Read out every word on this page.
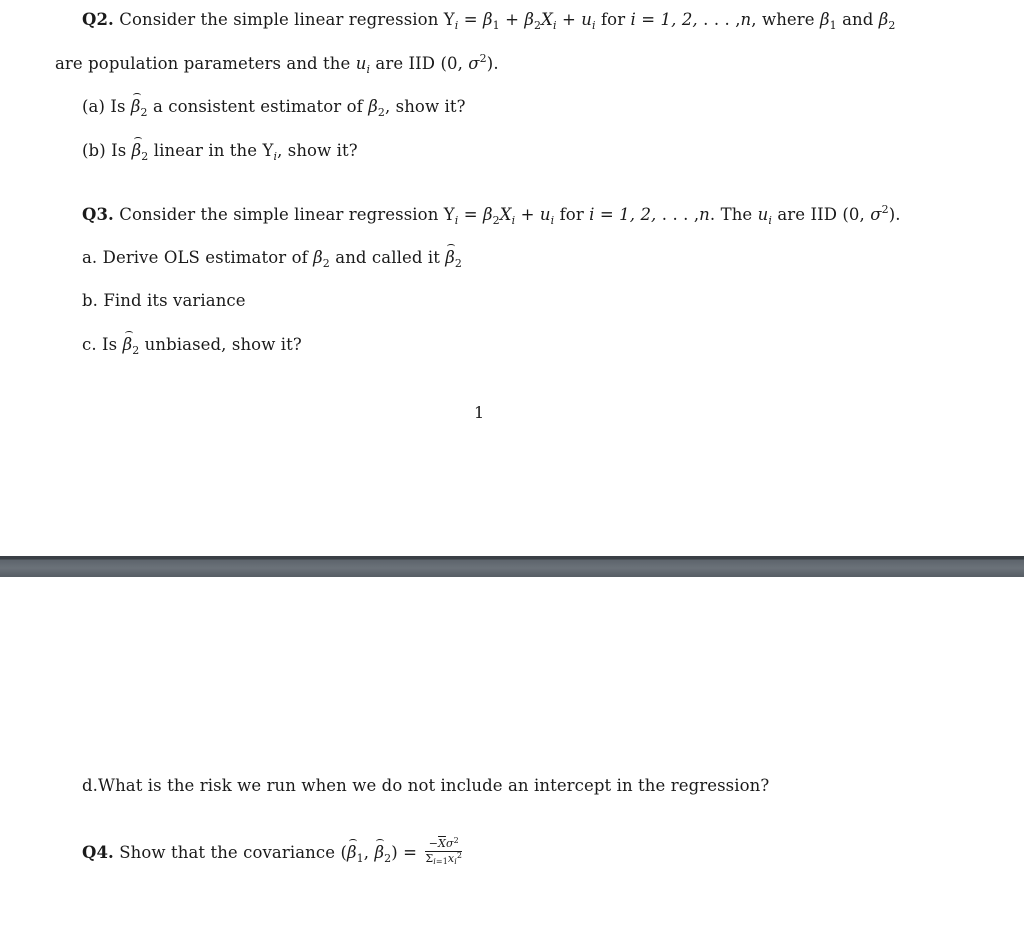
Q2. Consider the simple linear regression $Y_i = \beta_1 + \beta_2X_i + u_i$ for i = 1, 2, . . . ,n, where $\beta_1$ and $\beta_2$
are population parameters and the $u_i$ are IID (0, $\sigma^2$).
(a) Is $\beta_2$ a consistent estimator of $\beta_2$, show it?
(b) Is $\beta_2$ linear in the $Y_i$, show it?
Q3. Consider the simple linear regression $Y_i = \beta_2X_i + u_i$ for i = 1, 2, . . . ,n. The $u_i$ are IID (0, $\sigma^2$).
a. Derive OLS estimator of $\beta_2$ and called it $\beta_2$
b. Find its variance
c. Is $\beta_2$ unbiased, show it?
1
d.What is the risk we run when we do not include an intercept in the regression?
Q4. Show that the covariance ($\beta_1$, $\beta_2) = \frac{-\overline{X}\sigma^2}{\Sigma_{i=1}x_i^2}$
